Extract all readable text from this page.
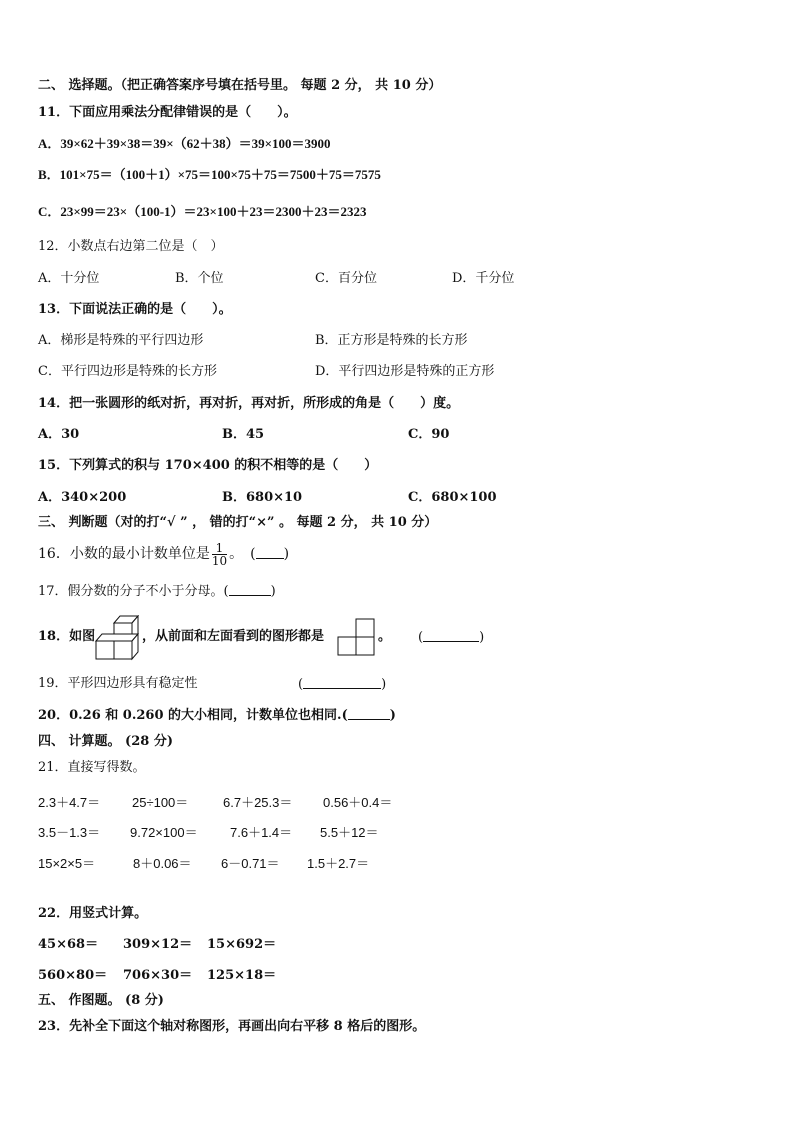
二、 选择题。（把正确答案序号填在括号里。 每题 2 分， 共 10 分）
11．下面应用乘法分配律错误的是（　　）。
A．39×62＋39×38＝39×（62＋38）＝39×100＝3900
B．101×75＝（100＋1）×75＝100×75＋75＝7500＋75＝7575
C．23×99＝23×（100-1）＝23×100＋23＝2300＋23＝2323
12．小数点右边第二位是（　）
A．十分位	B．个位	C．百分位	D．千分位
13．下面说法正确的是（　　）。
A．梯形是特殊的平行四边形	B．正方形是特殊的长方形
C．平行四边形是特殊的长方形	D．平行四边形是特殊的正方形
14．把一张圆形的纸对折，再对折，再对折，所形成的角是（　　）度。
A．30	B．45	C．90
15．下列算式的积与 170×400 的积不相等的是（　　）
A．340×200	B．680×10	C．680×100
三、 判断题（对的打“√ ” ， 错的打“×” 。 每题 2 分， 共 10 分）
16．小数的最小计数单位是 $\frac{1}{10}$ 。　( )
17．假分数的分子不小于分母。(	)
18．如图	，从前面和左面看到的图形都是	。 (	)
19．平形四边形具有稳定性	(	)
20．0.26 和 0.260 的大小相同，计数单位也相同.(	)
四、 计算题。 (28 分)
21．直接写得数。
2.3＋4.7＝ 25÷100＝	6.7＋25.3＝ 0.56＋0.4＝
3.5－1.3＝ 9.72×100＝ 7.6＋1.4＝ 5.5＋12＝
15×2×5＝	8＋0.06＝ 6－0.71＝ 1.5＋2.7＝
22．用竖式计算。
45×68＝ 309×12＝ 15×692＝
560×80＝ 706×30＝ 125×18＝
五、 作图题。 (8 分)
23．先补全下面这个轴对称图形，再画出向右平移 8 格后的图形。
